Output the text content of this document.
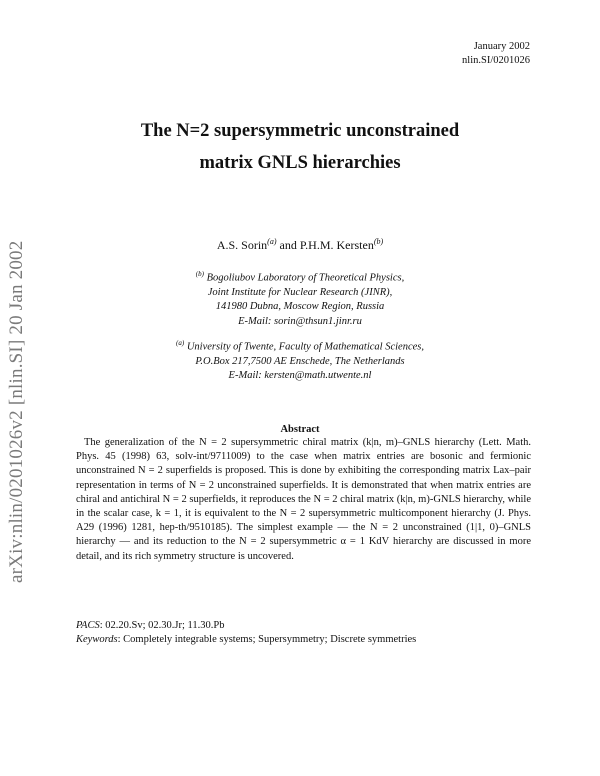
arXiv:nlin/0201026v2 [nlin.SI] 20 Jan 2002
January 2002
nlin.SI/0201026
The N=2 supersymmetric unconstrained
matrix GNLS hierarchies
A.S. Sorin$^{(a)}$ and P.H.M. Kersten$^{(b)}$
$^{(b)}$ Bogoliubov Laboratory of Theoretical Physics,
Joint Institute for Nuclear Research (JINR),
141980 Dubna, Moscow Region, Russia
E-Mail: sorin@thsun1.jinr.ru
$^{(a)}$ University of Twente, Faculty of Mathematical Sciences,
P.O.Box 217,7500 AE Enschede, The Netherlands
E-Mail: kersten@math.utwente.nl
Abstract
The generalization of the N = 2 supersymmetric chiral matrix (k|n, m)–GNLS hierarchy (Lett. Math. Phys. 45 (1998) 63, solv-int/9711009) to the case when matrix entries are bosonic and fermionic unconstrained N = 2 superfields is proposed. This is done by exhibiting the corresponding matrix Lax–pair representation in terms of N = 2 unconstrained superfields. It is demonstrated that when matrix entries are chiral and antichiral N = 2 superfields, it reproduces the N = 2 chiral matrix (k|n, m)-GNLS hierarchy, while in the scalar case, k = 1, it is equivalent to the N = 2 supersymmetric multicomponent hierarchy (J. Phys. A29 (1996) 1281, hep-th/9510185). The simplest example — the N = 2 unconstrained (1|1, 0)–GNLS hierarchy — and its reduction to the N = 2 supersymmetric α = 1 KdV hierarchy are discussed in more detail, and its rich symmetry structure is uncovered.
PACS: 02.20.Sv; 02.30.Jr; 11.30.Pb
Keywords: Completely integrable systems; Supersymmetry; Discrete symmetries
